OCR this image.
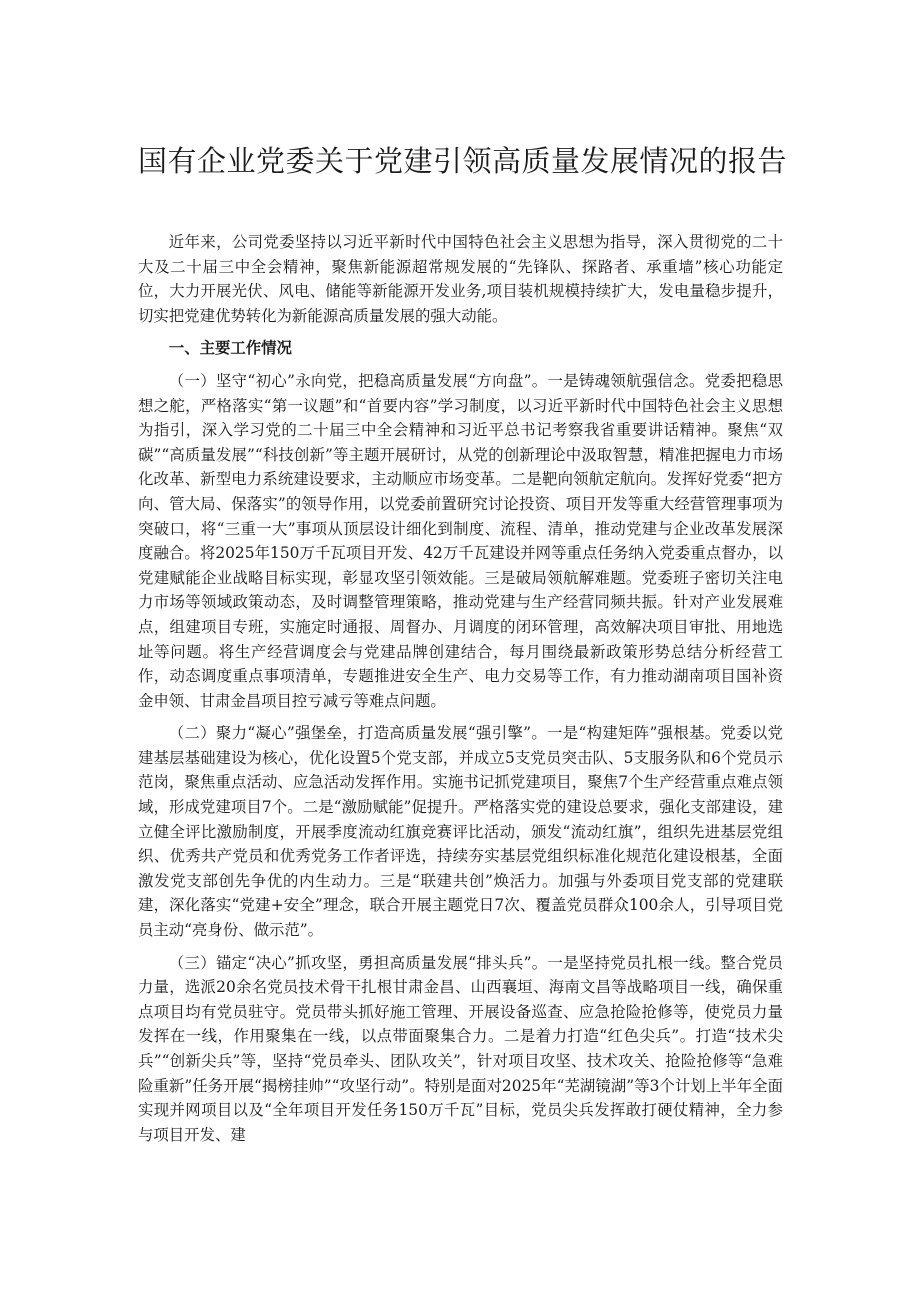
国有企业党委关于党建引领高质量发展情况的报告

近年来，公司党委坚持以习近平新时代中国特色社会主义思想为指导，深入贯彻党的二十大及二十届三中全会精神，聚焦新能源超常规发展的“先锋队、探路者、承重墙”核心功能定位，大力开展光伏、风电、储能等新能源开发业务,项目装机规模持续扩大，发电量稳步提升，切实把党建优势转化为新能源高质量发展的强大动能。

一、主要工作情况

（一）坚守“初心”永向党，把稳高质量发展“方向盘”。一是铸魂领航强信念。党委把稳思想之舵，严格落实“第一议题”和“首要内容”学习制度，以习近平新时代中国特色社会主义思想为指引，深入学习党的二十届三中全会精神和习近平总书记考察我省重要讲话精神。聚焦“双碳”“高质量发展”“科技创新”等主题开展研讨，从党的创新理论中汲取智慧，精准把握电力市场化改革、新型电力系统建设要求，主动顺应市场变革。二是靶向领航定航向。发挥好党委“把方向、管大局、保落实”的领导作用，以党委前置研究讨论投资、项目开发等重大经营管理事项为突破口，将“三重一大”事项从顶层设计细化到制度、流程、清单，推动党建与企业改革发展深度融合。将2025年150万千瓦项目开发、42万千瓦建设并网等重点任务纳入党委重点督办，以党建赋能企业战略目标实现，彰显攻坚引领效能。三是破局领航解难题。党委班子密切关注电力市场等领域政策动态，及时调整管理策略，推动党建与生产经营同频共振。针对产业发展难点，组建项目专班，实施定时通报、周督办、月调度的闭环管理，高效解决项目审批、用地选址等问题。将生产经营调度会与党建品牌创建结合，每月围绕最新政策形势总结分析经营工作，动态调度重点事项清单，专题推进安全生产、电力交易等工作，有力推动湖南项目国补资金申领、甘肃金昌项目控亏减亏等难点问题。

（二）聚力“凝心”强堡垒，打造高质量发展“强引擎”。一是“构建矩阵”强根基。党委以党建基层基础建设为核心，优化设置5个党支部，并成立5支党员突击队、5支服务队和6个党员示范岗，聚焦重点活动、应急活动发挥作用。实施书记抓党建项目，聚焦7个生产经营重点难点领域，形成党建项目7个。二是“激励赋能”促提升。严格落实党的建设总要求，强化支部建设，建立健全评比激励制度，开展季度流动红旗竞赛评比活动，颁发“流动红旗”，组织先进基层党组织、优秀共产党员和优秀党务工作者评选，持续夯实基层党组织标准化规范化建设根基，全面激发党支部创先争优的内生动力。三是“联建共创”焕活力。加强与外委项目党支部的党建联建，深化落实“党建+安全”理念，联合开展主题党日7次、覆盖党员群众100余人，引导项目党员主动“亮身份、做示范”。

（三）锚定“决心”抓攻坚，勇担高质量发展“排头兵”。一是坚持党员扎根一线。整合党员力量，选派20余名党员技术骨干扎根甘肃金昌、山西襄垣、海南文昌等战略项目一线，确保重点项目均有党员驻守。党员带头抓好施工管理、开展设备巡查、应急抢险抢修等，使党员力量发挥在一线，作用聚集在一线，以点带面聚集合力。二是着力打造“红色尖兵”。打造“技术尖兵”“创新尖兵”等，坚持“党员牵头、团队攻关”，针对项目攻坚、技术攻关、抢险抢修等“急难险重新”任务开展“揭榜挂帅”“攻坚行动”。特别是面对2025年“芜湖镜湖”等3个计划上半年全面实现并网项目以及“全年项目开发任务150万千瓦”目标，党员尖兵发挥敢打硬仗精神，全力参与项目开发、建
